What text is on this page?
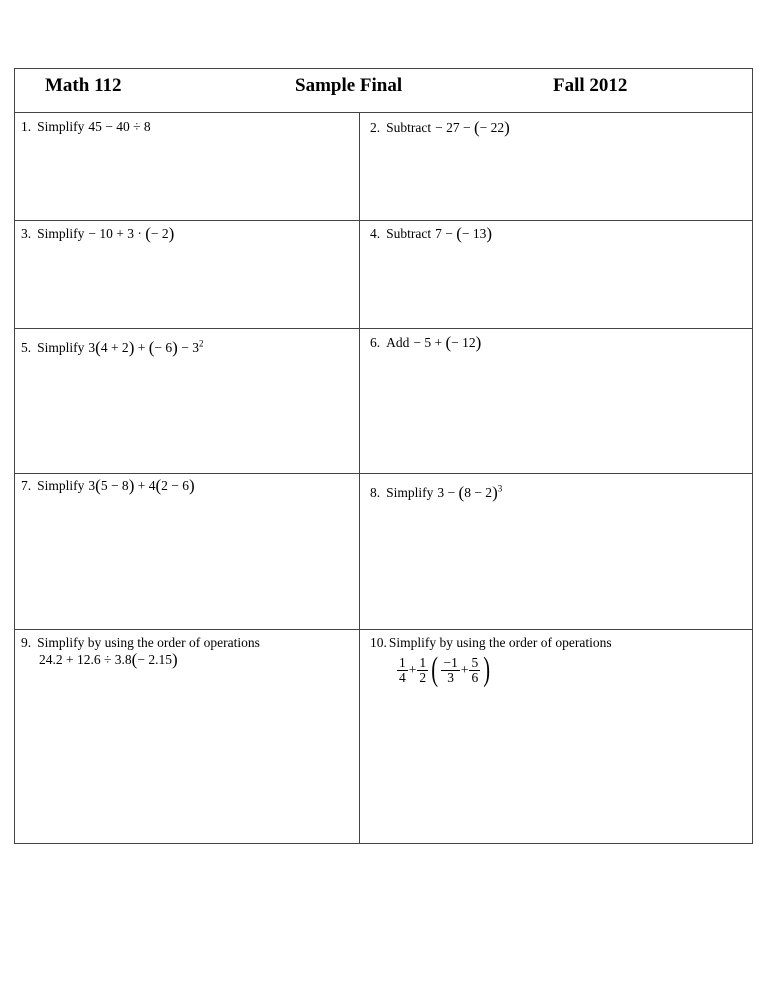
Math 112	Sample Final	Fall 2012
1. Simplify 45 − 40 ÷ 8	2. Subtract − 27 − (− 22)
3. Simplify − 10 + 3 · (− 2)	4. Subtract 7 − (− 13)
5. Simplify 3(4 + 2) + (− $6) - 3^2$	6. Add − 5 + (− 12)
7. Simplify 3(5 − 8) + 4(2 − 6)	8. Simplify $3 - (8 - 2)^3$
9. Simplify by using the order of operations
24.2 + 12.6 ÷ 3.8(− 2.15)
10. Simplify by using the order of operations
$\frac{1}{4} + \frac{1}{2}$ ( $\frac{-1}{3} + \frac{5}{6}$ )
